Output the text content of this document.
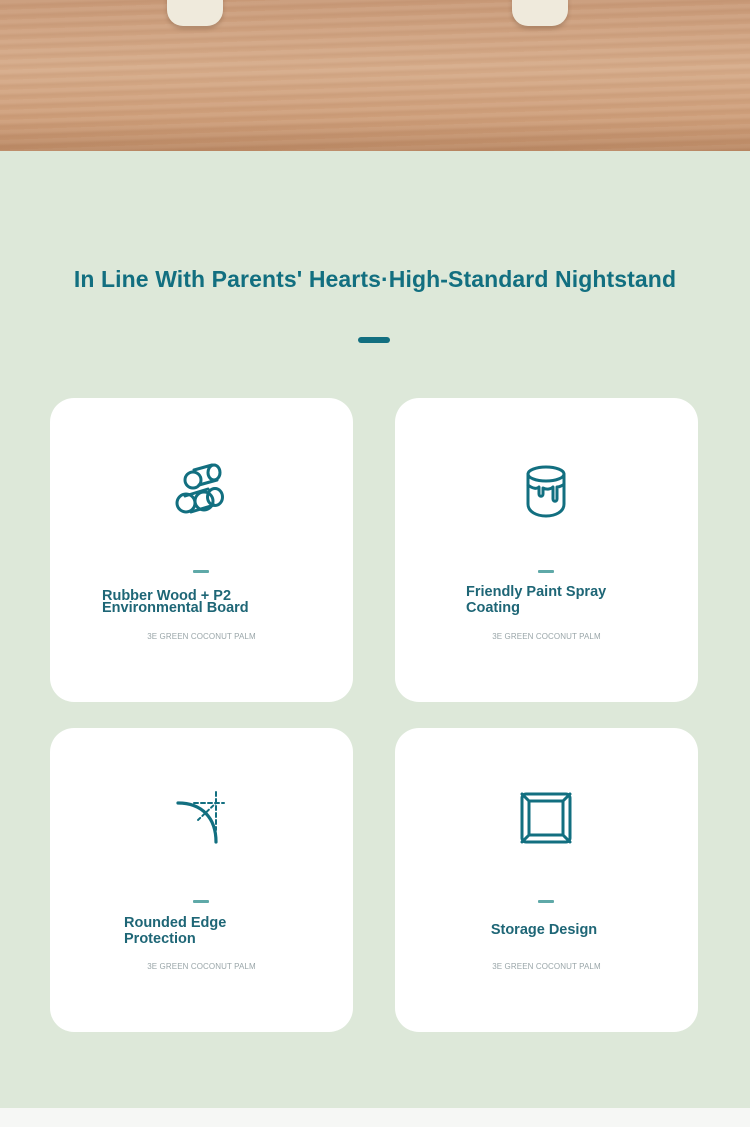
In Line With Parents' Hearts·High-Standard Nightstand

Rubber Wood + P2
Environmental Board

3E GREEN COCONUT PALM

Friendly Paint Spray
Coating

3E GREEN COCONUT PALM

Rounded Edge
Protection

3E GREEN COCONUT PALM

Storage Design

3E GREEN COCONUT PALM
